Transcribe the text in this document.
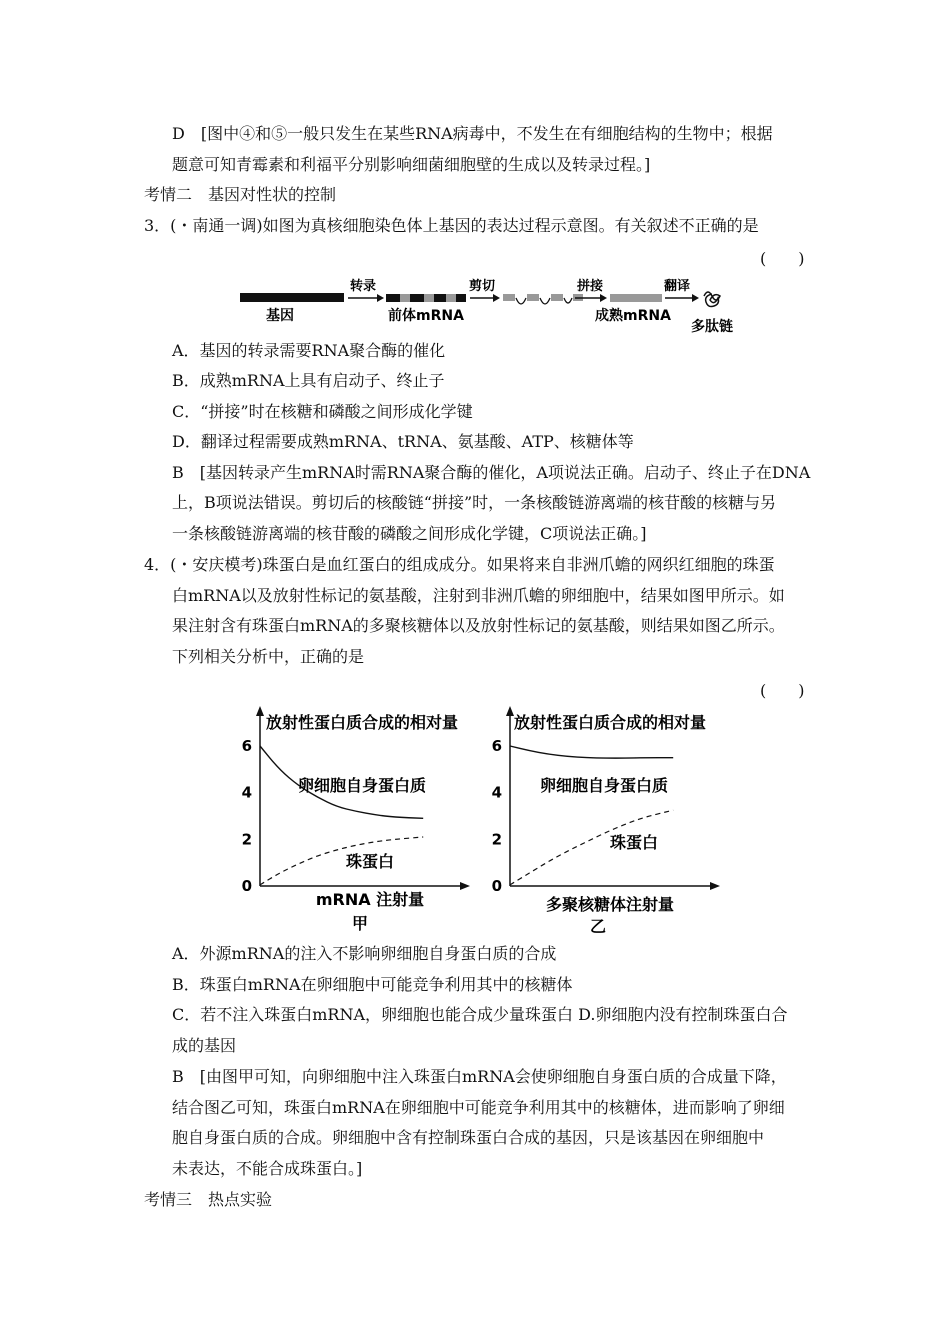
D　[图中④和⑤一般只发生在某些RNA病毒中，不发生在有细胞结构的生物中；根据
题意可知青霉素和利福平分别影响细菌细胞壁的生成以及转录过程。]
考情二　基因对性状的控制
3．(・南通一调)如图为真核细胞染色体上基因的表达过程示意图。有关叙述不正确的是
(　　)
基因
转录
前体mRNA
剪切	拼接
成熟mRNA
翻译
多肽链
A．基因的转录需要RNA聚合酶的催化
B．成熟mRNA上具有启动子、终止子
C．“拼接”时在核糖和磷酸之间形成化学键
D．翻译过程需要成熟mRNA、tRNA、氨基酸、ATP、核糖体等
B　[基因转录产生mRNA时需RNA聚合酶的催化，A项说法正确。启动子、终止子在DNA
上，B项说法错误。剪切后的核酸链“拼接”时，一条核酸链游离端的核苷酸的核糖与另
一条核酸链游离端的核苷酸的磷酸之间形成化学键，C项说法正确。]
4．(・安庆模考)珠蛋白是血红蛋白的组成成分。如果将来自非洲爪蟾的网织红细胞的珠蛋
白mRNA以及放射性标记的氨基酸，注射到非洲爪蟾的卵细胞中，结果如图甲所示。如
果注射含有珠蛋白mRNA的多聚核糖体以及放射性标记的氨基酸，则结果如图乙所示。
下列相关分析中，正确的是
(　　)
放射性蛋白质合成的相对量
0
2
4
6
卵细胞自身蛋白质
珠蛋白
mRNA 注射量
甲
放射性蛋白质合成的相对量
0
2
4
6
卵细胞自身蛋白质
珠蛋白
多聚核糖体注射量
乙
A．外源mRNA的注入不影响卵细胞自身蛋白质的合成
B．珠蛋白mRNA在卵细胞中可能竞争利用其中的核糖体
C．若不注入珠蛋白mRNA，卵细胞也能合成少量珠蛋白 D.卵细胞内没有控制珠蛋白合
成的基因
B　[由图甲可知，向卵细胞中注入珠蛋白mRNA会使卵细胞自身蛋白质的合成量下降，
结合图乙可知，珠蛋白mRNA在卵细胞中可能竞争利用其中的核糖体，进而影响了卵细
胞自身蛋白质的合成。卵细胞中含有控制珠蛋白合成的基因，只是该基因在卵细胞中
未表达，不能合成珠蛋白。]
考情三　热点实验
